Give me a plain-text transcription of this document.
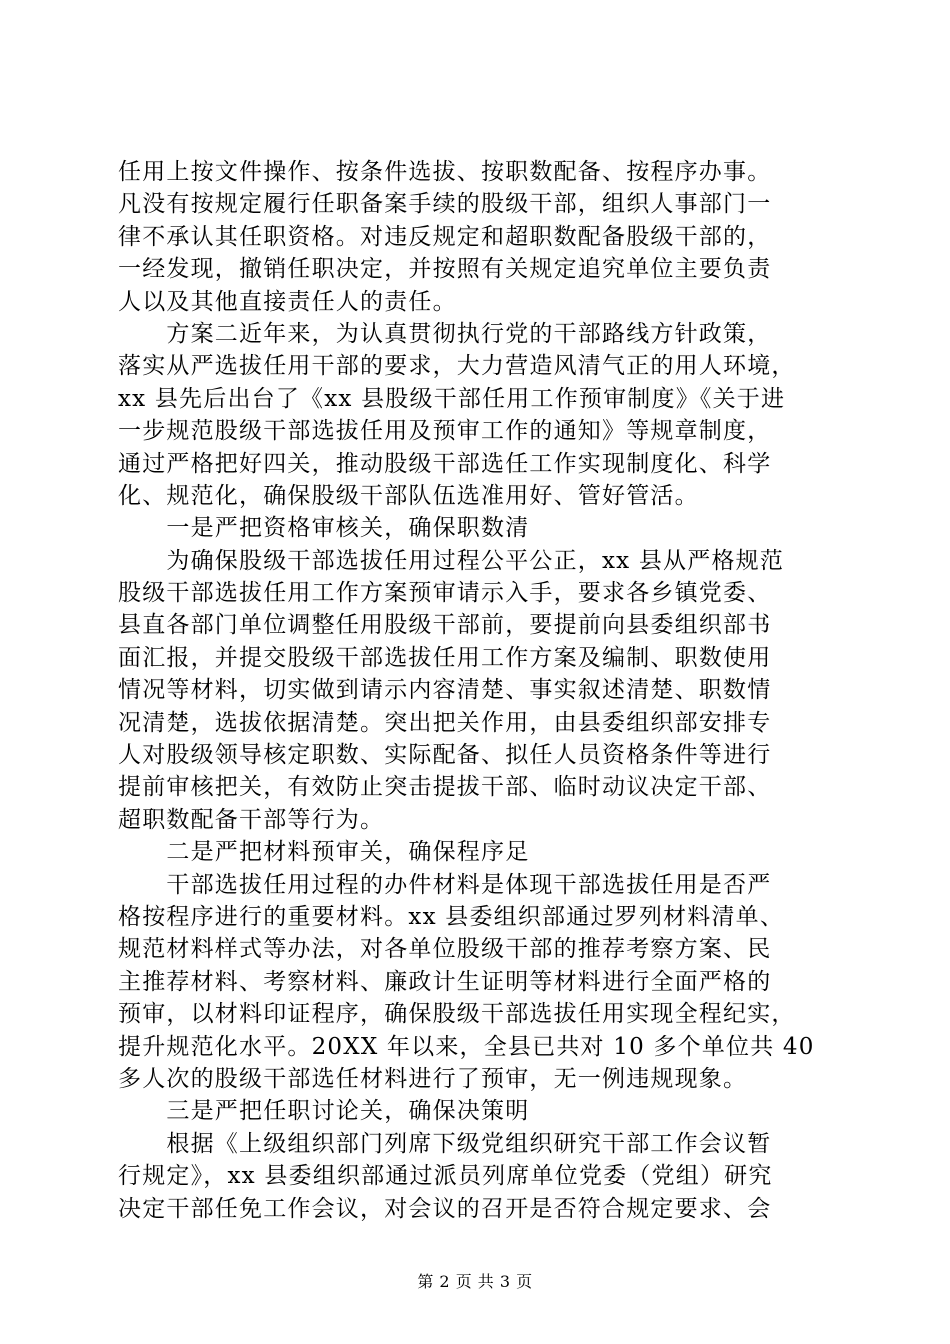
任用上按文件操作、按条件选拔、按职数配备、按程序办事。
凡没有按规定履行任职备案手续的股级干部，组织人事部门一
律不承认其任职资格。对违反规定和超职数配备股级干部的，
一经发现，撤销任职决定，并按照有关规定追究单位主要负责
人以及其他直接责任人的责任。
　　方案二近年来，为认真贯彻执行党的干部路线方针政策，
落实从严选拔任用干部的要求，大力营造风清气正的用人环境，
xx 县先后出台了《xx 县股级干部任用工作预审制度》《关于进
一步规范股级干部选拔任用及预审工作的通知》等规章制度，
通过严格把好四关，推动股级干部选任工作实现制度化、科学
化、规范化，确保股级干部队伍选准用好、管好管活。
　　一是严把资格审核关，确保职数清
　　为确保股级干部选拔任用过程公平公正，xx 县从严格规范
股级干部选拔任用工作方案预审请示入手，要求各乡镇党委、
县直各部门单位调整任用股级干部前，要提前向县委组织部书
面汇报，并提交股级干部选拔任用工作方案及编制、职数使用
情况等材料，切实做到请示内容清楚、事实叙述清楚、职数情
况清楚，选拔依据清楚。突出把关作用，由县委组织部安排专
人对股级领导核定职数、实际配备、拟任人员资格条件等进行
提前审核把关，有效防止突击提拔干部、临时动议决定干部、
超职数配备干部等行为。
　　二是严把材料预审关，确保程序足
　　干部选拔任用过程的办件材料是体现干部选拔任用是否严
格按程序进行的重要材料。xx 县委组织部通过罗列材料清单、
规范材料样式等办法，对各单位股级干部的推荐考察方案、民
主推荐材料、考察材料、廉政计生证明等材料进行全面严格的
预审，以材料印证程序，确保股级干部选拔任用实现全程纪实，
提升规范化水平。20XX 年以来，全县已共对 10 多个单位共 40
多人次的股级干部选任材料进行了预审，无一例违规现象。
　　三是严把任职讨论关，确保决策明
　　根据《上级组织部门列席下级党组织研究干部工作会议暂
行规定》，xx 县委组织部通过派员列席单位党委（党组）研究
决定干部任免工作会议，对会议的召开是否符合规定要求、会
第 2 页 共 3 页
